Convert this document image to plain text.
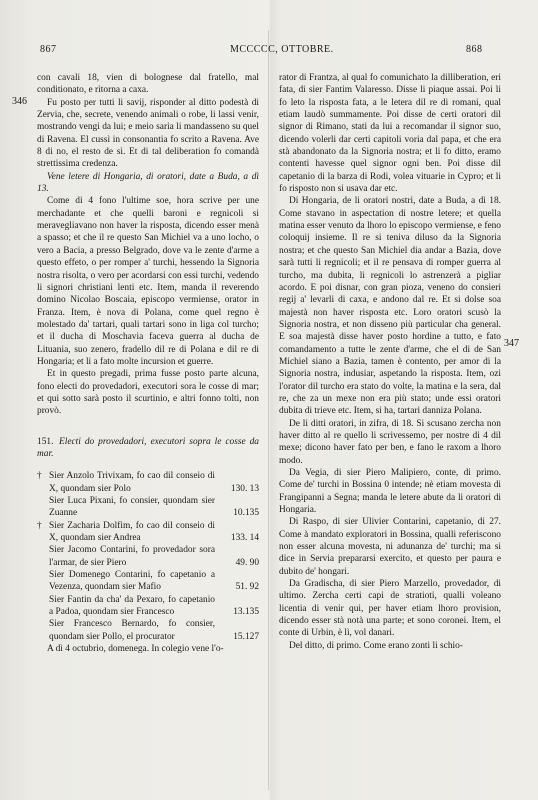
867	MCCCCC, OTTOBRE.	868
346
347

con cavali 18, vien di bolognese dal fratello, mal conditionato, e ritorna a caxa.

Fu posto per tutti li savij, risponder al ditto podestà di Zervia, che, secrete, venendo animali o robe, li lassi venir, mostrando vengi da lui; e meio saria li mandasseno su quel di Ravena. El cussì in consonantia fo scrito a Ravena. Ave 8 di no, el resto de sì. Et di tal deliberation fo comandà strettissima credenza.

Vene letere di Hongaria, di oratori, date a Buda, a dì 13.

Come di 4 fono l'ultime soe, hora scrive per une merchadante et che quelli baroni e regnicoli si meravegliavano non haver la risposta, dicendo esser menà a spasso; et che il re questo San Michiel va a uno locho, o vero a Bacia, a presso Belgrado, dove va le zente d'arme a questo effeto, o per romper a' turchi, hessendo la Signoria nostra risolta, o vero per acordarsi con essi turchi, vedendo li signori christiani lenti etc. Item, manda il reverendo domino Nicolao Boscaia, episcopo vermiense, orator in Franza. Item, è nova di Polana, come quel regno è molestado da' tartari, quali tartari sono in liga col turcho; et il ducha di Moschavia faceva guerra al ducha de Lituania, suo zenero, fradello dil re di Polana e dil re di Hongaria; et li a fato molte incursion et guerre.

Et in questo pregadi, prima fusse posto parte alcuna, fono electi do provedadori, executori sora le cosse di mar; et qui sotto sarà posto il scurtinio, e altri fonno tolti, non provò.

151. Electi do provedadori, executori sopra le cosse da mar.

† Sier Anzolo Trivixam, fo cao dil conseio di X, quondam sier Polo	130. 13
Sier Luca Pixani, fo consier, quondam sier Zuanne	10.135
† Sier Zacharia Dolfim, fo cao dil conseio di X, quondam sier Andrea	133. 14
Sier Jacomo Contarini, fo provedador sora l'armar, de sier Piero	49. 90
Sier Domenego Contarini, fo capetanio a Vezenza, quondam sier Mafio	51. 92
Sier Fantin da cha' da Pexaro, fo capetanio a Padoa, quondam sier Francesco	13.135
Sier Francesco Bernardo, fo consier, quondam sier Pollo, el procurator	15.127

A dì 4 octubrio, domenega. In colegio vene l'o-

rator di Frantza, al qual fo comunichato la dilliberation, eri fata, di sier Fantim Valaresso. Disse li piaque assai. Poi li fo leto la risposta fata, a le letera dil re di romani, qual etiam laudò summamente. Poi disse de certi oratori dil signor di Rimano, stati da lui a recomandar il signor suo, dicendo volerli dar certi capitoli voria dal papa, et che era stà abandonato da la Signoria nostra; et li fo ditto, eramo contenti havesse quel signor ogni ben. Poi disse dil capetanio di la barza di Rodi, volea vituarie in Cypro; et li fo risposto non si usava dar etc.

Di Hongaria, de li oratori nostri, date a Buda, a dì 18. Come stavano in aspectation di nostre letere; et quella matina esser venuto da lhoro lo episcopo vermiense, e feno coloquij insieme. Il re si teniva diluso da la Signoria nostra; et che questo San Michiel dia andar a Bazia, dove sarà tutti li regnicoli; et il re pensava di romper guerra al turcho, ma dubita, li regnicoli lo astrenzerà a pigliar acordo. E poi disnar, con gran pioza, veneno do consieri regij a' levarli di caxa, e andono dal re. Et si dolse soa majestà non haver risposta etc. Loro oratori scusò la Signoria nostra, et non disseno più particular cha general. E soa majestà disse haver posto hordine a tutto, e fato comandamento a tutte le zente d'arme, che el dì de San Michiel siano a Bazia, tamen è contento, per amor di la Signoria nostra, indusiar, aspetando la risposta. Item, ozi l'orator dil turcho era stato do volte, la matina e la sera, dal re, che za un mexe non era più stato; unde essi oratori dubita di trieve etc. Item, si ha, tartari danniza Polana.

De li ditti oratori, in zifra, di 18. Si scusano zercha non haver ditto al re quello li scrivessemo, per nostre di 4 dil mexe; dicono haver fato per ben, e fano le raxom a lhoro modo.

Da Vegia, di sier Piero Malipiero, conte, di primo. Come de' turchi in Bossina 0 intende; nè etiam movesta di Frangipanni a Segna; manda le letere abute da li oratori di Hongaria.

Di Raspo, di sier Ulivier Contarini, capetanio, di 27. Come à mandato exploratori in Bossina, qualli referiscono non esser alcuna movesta, ni adunanza de' turchi; ma si dice in Servia prepararsi exercito, et questo per paura e dubito de' hongari.

Da Gradischa, di sier Piero Marzello, provedador, di ultimo. Zercha certi capi de stratioti, qualli voleano licentia di venir qui, per haver etiam lhoro provision, dicendo esser stà notà una parte; et sono coronei. Item, el conte di Urbin, è lì, vol danari.

Del ditto, di primo. Come erano zonti li schio-
